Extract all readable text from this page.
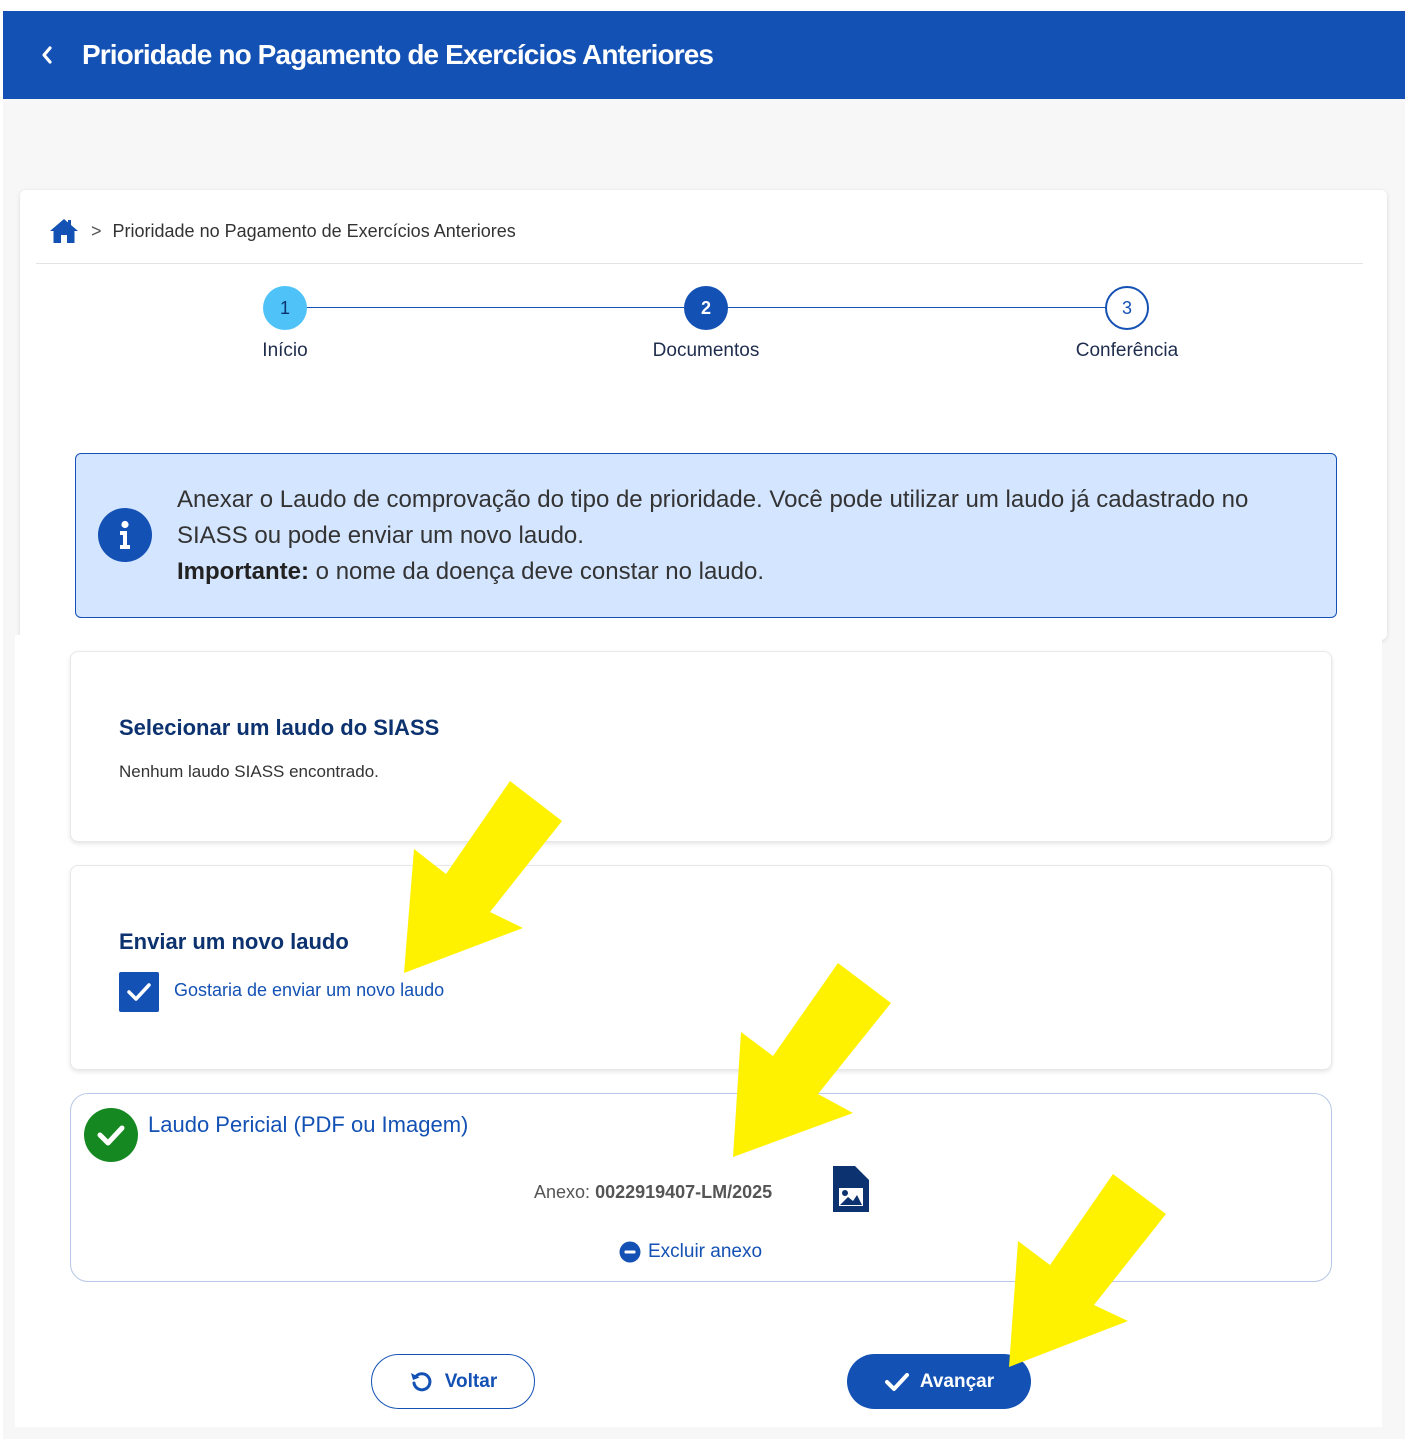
Prioridade no Pagamento de Exercícios Anteriores
> Prioridade no Pagamento de Exercícios Anteriores
1
Início
2
Documentos
3
Conferência
Anexar o Laudo de comprovação do tipo de prioridade. Você pode utilizar um laudo já cadastrado no SIASS ou pode enviar um novo laudo.
Importante: o nome da doença deve constar no laudo.
Selecionar um laudo do SIASS
Nenhum laudo SIASS encontrado.
Enviar um novo laudo
Gostaria de enviar um novo laudo
Laudo Pericial (PDF ou Imagem)
Anexo: 0022919407-LM/2025
Excluir anexo
Voltar	Avançar
